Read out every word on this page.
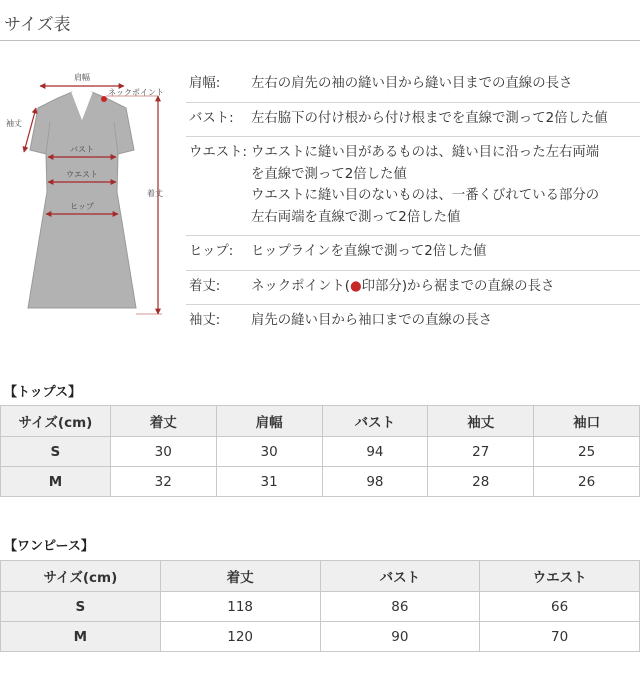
サイズ表
肩幅
ネックポイント
袖丈
バスト
ウエスト
ヒップ
着丈
肩幅:	左右の肩先の袖の縫い目から縫い目までの直線の長さ
バスト:	左右脇下の付け根から付け根までを直線で測って2倍した値
ウエスト: ウエストに縫い目があるものは、縫い目に沿った左右両端
を直線で測って2倍した値
ウエストに縫い目のないものは、一番くびれている部分の
左右両端を直線で測って2倍した値
ヒップ:	ヒップラインを直線で測って2倍した値
着丈:	ネックポイント(●印部分)から裾までの直線の長さ
袖丈:	肩先の縫い目から袖口までの直線の長さ
【トップス】
サイズ(cm)	着丈	肩幅	バスト	袖丈	袖口
S	30	30	94	27	25
M	32	31	98	28	26
【ワンピース】
サイズ(cm)	着丈	バスト	ウエスト
S	118	86	66
M	120	90	70
